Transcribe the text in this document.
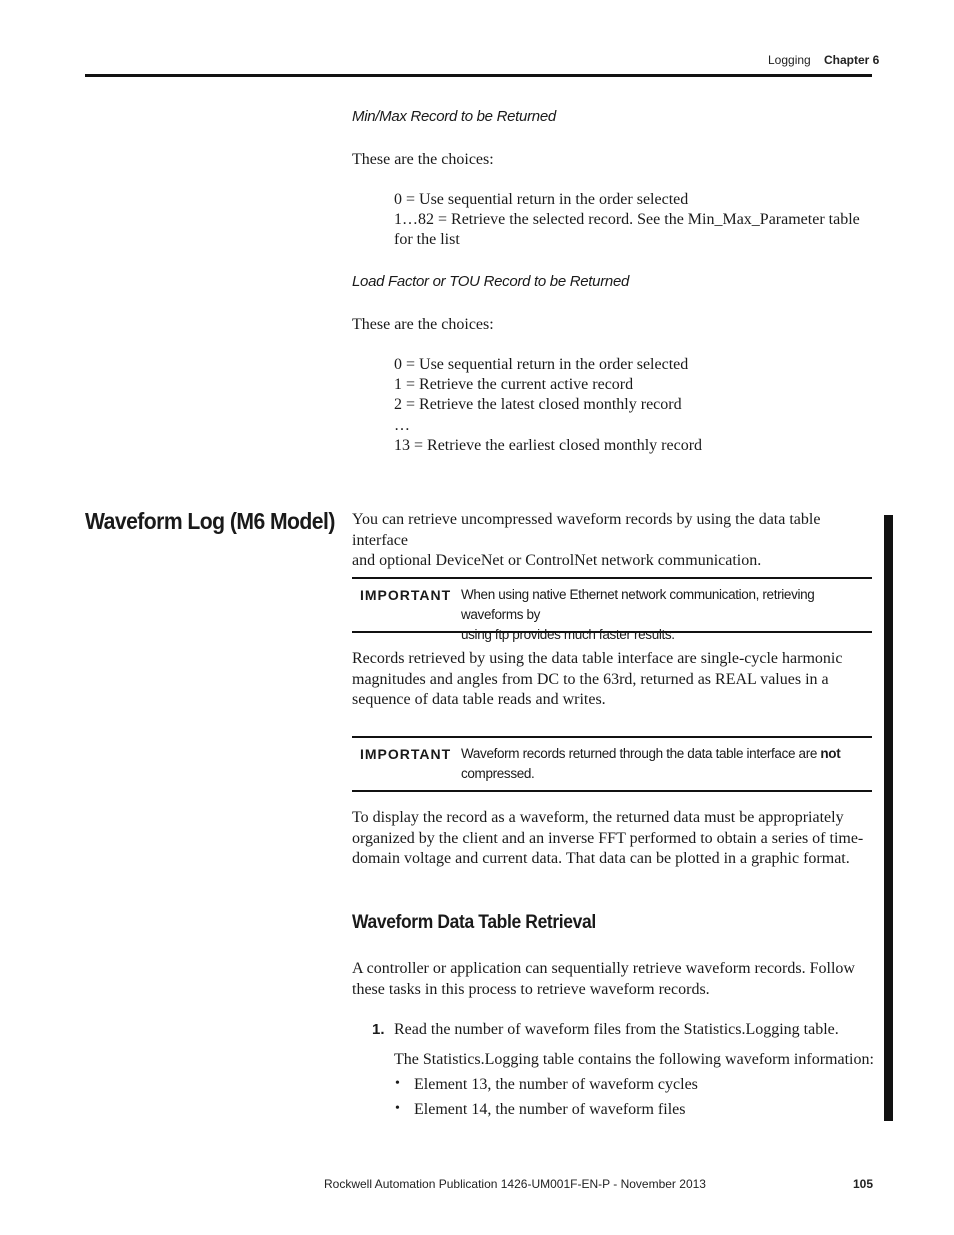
Logging Chapter 6
Min/Max Record to be Returned
These are the choices:
0 = Use sequential return in the order selected
1…82 = Retrieve the selected record. See the Min_Max_Parameter table
for the list
Load Factor or TOU Record to be Returned
These are the choices:
0 = Use sequential return in the order selected
1 = Retrieve the current active record
2 = Retrieve the latest closed monthly record
…
13 = Retrieve the earliest closed monthly record
Waveform Log (M6 Model) You can retrieve uncompressed waveform records by using the data table interface
and optional DeviceNet or ControlNet network communication.
IMPORTANT When using native Ethernet network communication, retrieving waveforms by
using ftp provides much faster results.
Records retrieved by using the data table interface are single-cycle harmonic
magnitudes and angles from DC to the 63rd, returned as REAL values in a
sequence of data table reads and writes.
IMPORTANT Waveform records returned through the data table interface are not
compressed.
To display the record as a waveform, the returned data must be appropriately
organized by the client and an inverse FFT performed to obtain a series of time-
domain voltage and current data. That data can be plotted in a graphic format.
Waveform Data Table Retrieval
A controller or application can sequentially retrieve waveform records. Follow
these tasks in this process to retrieve waveform records.
1. Read the number of waveform files from the Statistics.Logging table.
The Statistics.Logging table contains the following waveform information:
• Element 13, the number of waveform cycles
• Element 14, the number of waveform files
Rockwell Automation Publication 1426-UM001F-EN-P - November 2013	105
